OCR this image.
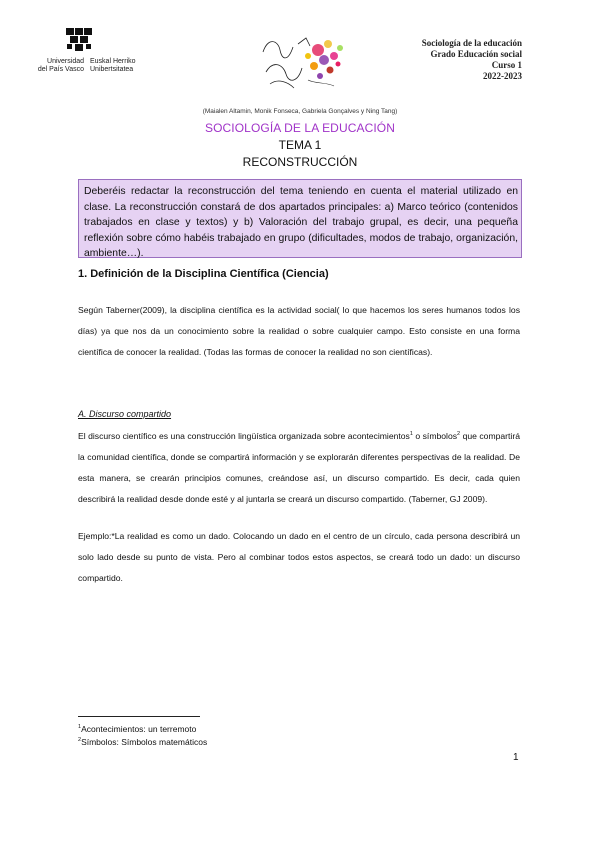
Universidad
del País Vasco
Euskal Herriko
Unibertsitatea
Sociología de la educación
Grado Educación social
Curso 1
2022-2023
(Maialen Altamin, Monik Fonseca, Gabriela Gonçalves y Ning Tang)
SOCIOLOGÍA DE LA EDUCACIÓN
TEMA 1
RECONSTRUCCIÓN
Deberéis redactar la reconstrucción del tema teniendo en cuenta el material utilizado en clase. La reconstrucción constará de dos apartados principales: a) Marco teórico (contenidos trabajados en clase y textos) y b) Valoración del trabajo grupal, es decir, una pequeña reflexión sobre cómo habéis trabajado en grupo (dificultades, modos de trabajo, organización, ambiente…).
1. Definición de la Disciplina Científica (Ciencia)
Según Taberner(2009), la disciplina científica es la actividad social( lo que hacemos los seres humanos todos los días) ya que nos da un conocimiento sobre la realidad o sobre cualquier campo. Esto consiste en una forma científica de conocer la realidad. (Todas las formas de conocer la realidad no son científicas).
A. Discurso compartido
El discurso científico es una construcción lingüística organizada sobre acontecimientos$^1$ o símbolos$^2$ que compartirá la comunidad científica, donde se compartirá información y se explorarán diferentes perspectivas de la realidad. De esta manera, se crearán principios comunes, creándose así, un discurso compartido. Es decir, cada quien describirá la realidad desde donde esté y al juntarla se creará un discurso compartido. (Taberner, GJ 2009).
Ejemplo:*La realidad es como un dado. Colocando un dado en el centro de un círculo, cada persona describirá un solo lado desde su punto de vista. Pero al combinar todos estos aspectos, se creará todo un dado: un discurso compartido.
$^1$Acontecimientos: un terremoto
$^2$Símbolos: Símbolos matemáticos
1
